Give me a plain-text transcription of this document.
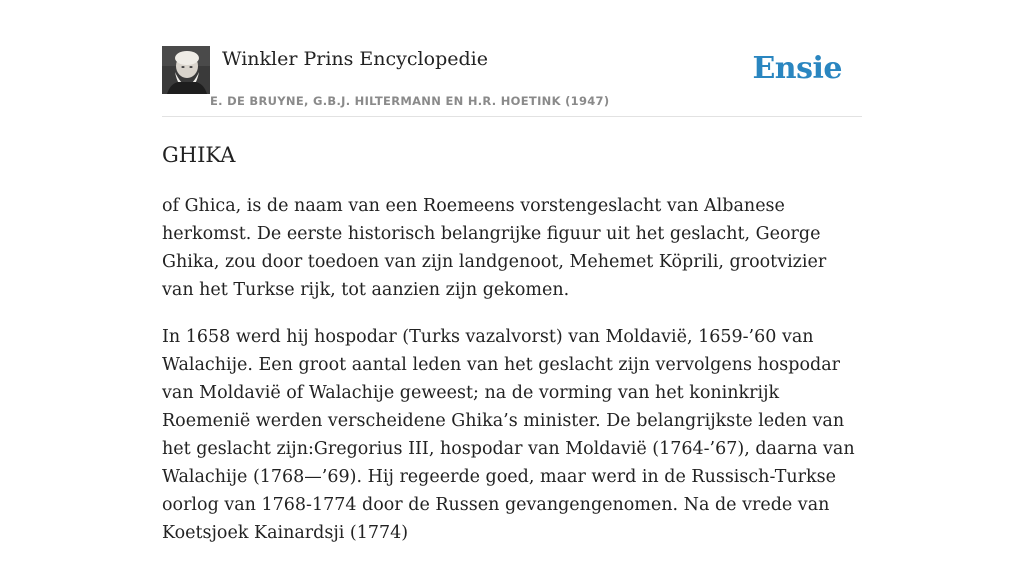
Winkler Prins Encyclopedie
E. DE BRUYNE, G.B.J. HILTERMANN EN H.R. HOETINK (1947)
Ensie
GHIKA

of Ghica, is de naam van een Roemeens vorstengeslacht van Albanese herkomst. De eerste historisch belangrijke figuur uit het geslacht, George Ghika, zou door toedoen van zijn landgenoot, Mehemet Köprili, grootvizier van het Turkse rijk, tot aanzien zijn gekomen.

In 1658 werd hij hospodar (Turks vazalvorst) van Moldavië, 1659-’60 van Walachije. Een groot aantal leden van het geslacht zijn vervolgens hospodar van Moldavië of Walachije geweest; na de vorming van het koninkrijk Roemenië werden verscheidene Ghika’s minister. De belangrijkste leden van het geslacht zijn:Gregorius III, hospodar van Moldavië (1764-’67), daarna van Walachije (1768—’69). Hij regeerde goed, maar werd in de Russisch-Turkse oorlog van 1768-1774 door de Russen gevangengenomen. Na de vrede van Koetsjoek Kainardsji (1774)
